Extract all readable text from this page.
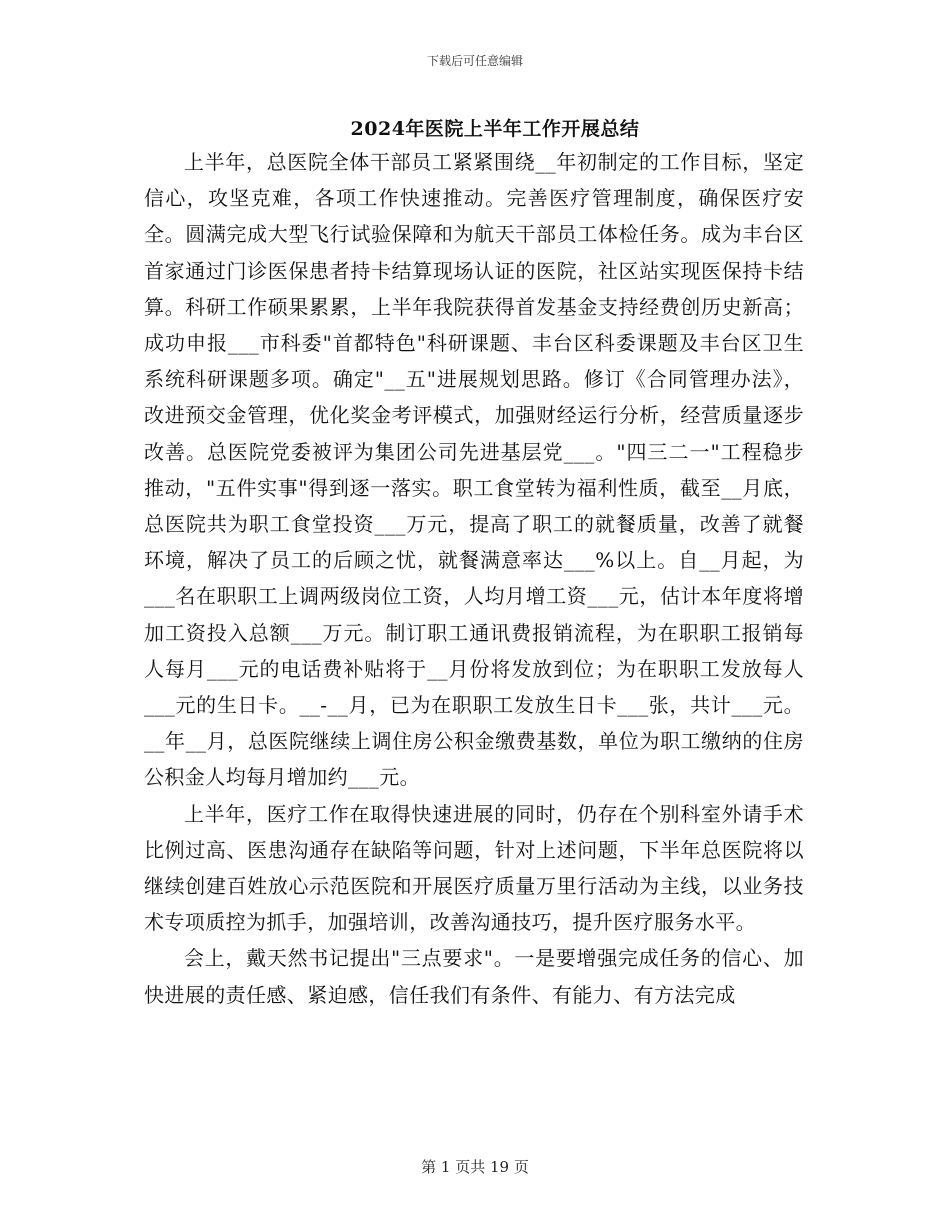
下载后可任意编辑
2024年医院上半年工作开展总结

上半年，总医院全体干部员工紧紧围绕__年初制定的工作目标，坚定信心，攻坚克难，各项工作快速推动。完善医疗管理制度，确保医疗安全。圆满完成大型飞行试验保障和为航天干部员工体检任务。成为丰台区首家通过门诊医保患者持卡结算现场认证的医院，社区站实现医保持卡结算。科研工作硕果累累，上半年我院获得首发基金支持经费创历史新高；成功申报___市科委"首都特色"科研课题、丰台区科委课题及丰台区卫生系统科研课题多项。确定"__五"进展规划思路。修订《合同管理办法》，改进预交金管理，优化奖金考评模式，加强财经运行分析，经营质量逐步改善。总医院党委被评为集团公司先进基层党___。"四三二一"工程稳步推动，"五件实事"得到逐一落实。职工食堂转为福利性质，截至__月底，总医院共为职工食堂投资___万元，提高了职工的就餐质量，改善了就餐环境，解决了员工的后顾之忧，就餐满意率达___%以上。自__月起，为___名在职职工上调两级岗位工资，人均月增工资___元，估计本年度将增加工资投入总额___万元。制订职工通讯费报销流程，为在职职工报销每人每月___元的电话费补贴将于__月份将发放到位；为在职职工发放每人___元的生日卡。__-__月，已为在职职工发放生日卡___张，共计___元。__年__月，总医院继续上调住房公积金缴费基数，单位为职工缴纳的住房公积金人均每月增加约___元。

上半年，医疗工作在取得快速进展的同时，仍存在个别科室外请手术比例过高、医患沟通存在缺陷等问题，针对上述问题，下半年总医院将以继续创建百姓放心示范医院和开展医疗质量万里行活动为主线，以业务技术专项质控为抓手，加强培训，改善沟通技巧，提升医疗服务水平。

会上，戴天然书记提出"三点要求"。一是要增强完成任务的信心、加快进展的责任感、紧迫感，信任我们有条件、有能力、有方法完成

第 1 页共 19 页
